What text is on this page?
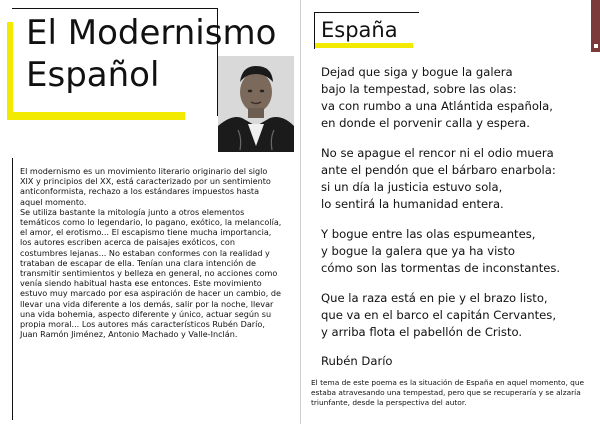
El Modernismo
Español

El modernismo es un movimiento literario originario del siglo XIX y principios del XX, está caracterizado por un sentimiento anticonformista, rechazo a los estándares impuestos hasta aquel momento.

Se utiliza bastante la mitología junto a otros elementos temáticos como lo legendario, lo pagano, exótico, la melancolía, el amor, el erotismo... El escapismo tiene mucha importancia, los autores escriben acerca de paisajes exóticos, con costumbres lejanas... No estaban conformes con la realidad y trataban de escapar de ella. Tenían una clara intención de transmitir sentimientos y belleza en general, no acciones como venía siendo habitual hasta ese entonces. Este movimiento estuvo muy marcado por esa aspiración de hacer un cambio, de llevar una vida diferente a los demás, salir por la noche, llevar una vida bohemia, aspecto diferente y único, actuar según su propia moral... Los autores más característicos Rubén Darío, Juan Ramón Jiménez, Antonio Machado y Valle-Inclán.

España
Dejad que siga y bogue la galera
bajo la tempestad, sobre las olas:
va con rumbo a una Atlántida española,
en donde el porvenir calla y espera.
No se apague el rencor ni el odio muera
ante el pendón que el bárbaro enarbola:
si un día la justicia estuvo sola,
lo sentirá la humanidad entera.
Y bogue entre las olas espumeantes,
y bogue la galera que ya ha visto
cómo son las tormentas de inconstantes.
Que la raza está en pie y el brazo listo,
que va en el barco el capitán Cervantes,
y arriba flota el pabellón de Cristo.
Rubén Darío
El tema de este poema es la situación de España en aquel momento, que estaba atravesando una tempestad, pero que se recuperaría y se alzaría triunfante, desde la perspectiva del autor.
